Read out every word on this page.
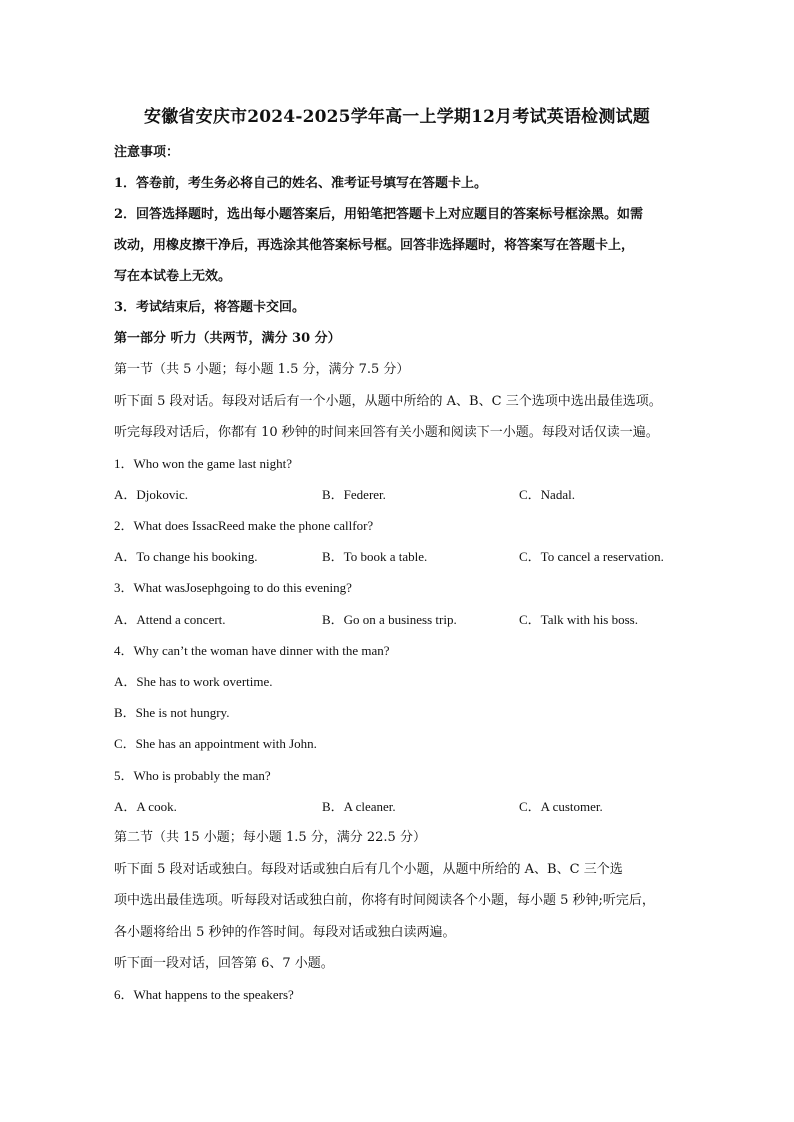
安徽省安庆市2024-2025学年高一上学期12月考试英语检测试题
注意事项：
1．答卷前，考生务必将自己的姓名、准考证号填写在答题卡上。
2．回答选择题时，选出每小题答案后，用铅笔把答题卡上对应题目的答案标号框涂黑。如需
改动，用橡皮擦干净后，再选涂其他答案标号框。回答非选择题时，将答案写在答题卡上，
写在本试卷上无效。
3．考试结束后，将答题卡交回。
第一部分 听力（共两节，满分 30 分）
第一节（共 5 小题；每小题 1.5 分，满分 7.5 分）
听下面 5 段对话。每段对话后有一个小题，从题中所给的 A、B、C 三个选项中选出最佳选项。
听完每段对话后，你都有 10 秒钟的时间来回答有关小题和阅读下一小题。每段对话仅读一遍。
1．Who won the game last night?
A．Djokovic.	B．Federer.	C．Nadal.
2．What does IssacReed make the phone callfor?
A．To change his booking.	B．To book a table.	C．To cancel a reservation.
3．What wasJosephgoing to do this evening?
A．Attend a concert.	B．Go on a business trip.	C．Talk with his boss.
4．Why can’t the woman have dinner with the man?
A．She has to work overtime.
B．She is not hungry.
C．She has an appointment with John.
5．Who is probably the man?
A．A cook.	B．A cleaner.	C．A customer.
第二节（共 15 小题；每小题 1.5 分，满分 22.5 分）
听下面 5 段对话或独白。每段对话或独白后有几个小题，从题中所给的 A、B、C 三个选
项中选出最佳选项。听每段对话或独白前，你将有时间阅读各个小题，每小题 5 秒钟;听完后，
各小题将给出 5 秒钟的作答时间。每段对话或独白读两遍。
听下面一段对话，回答第 6、7 小题。
6．What happens to the speakers?
